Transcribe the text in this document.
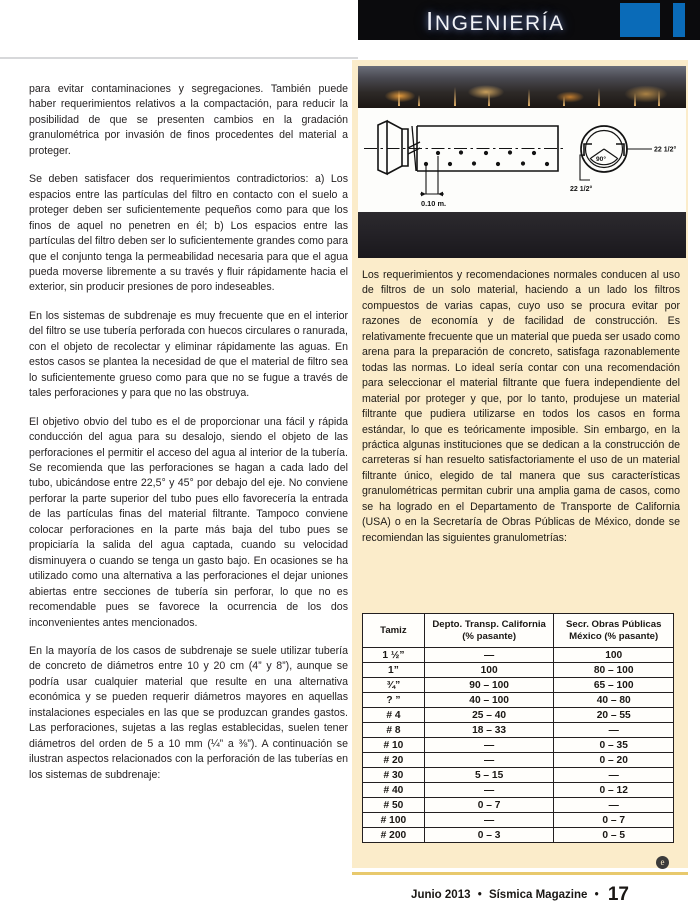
INGENIERÍA
0.10 m.
90°
22 1/2°
22 1/2°

para evitar contaminaciones y segregaciones. También puede haber requerimientos relativos a la compactación, para reducir la posibilidad de que se presenten cambios en la gradación granulométrica por invasión de finos procedentes del material a proteger.

Se deben satisfacer dos requerimientos contradictorios: a) Los espacios entre las partículas del filtro en contacto con el suelo a proteger deben ser suficientemente pequeños como para que los finos de aquel no penetren en él; b) Los espacios entre las partículas del filtro deben ser lo suficientemente grandes como para que el conjunto tenga la permeabilidad necesaria para que el agua pueda moverse libremente a su través y fluir rápidamente hacia el exterior, sin producir presiones de poro indeseables.

En los sistemas de subdrenaje es muy frecuente que en el interior del filtro se use tubería perforada con huecos circulares o ranurada, con el objeto de recolectar y eliminar rápidamente las aguas. En estos casos se plantea la necesidad de que el material de filtro sea lo suficientemente grueso como para que no se fugue a través de tales perforaciones y para que no las obstruya.

El objetivo obvio del tubo es el de proporcionar una fácil y rápida conducción del agua para su desalojo, siendo el objeto de las perforaciones el permitir el acceso del agua al interior de la tubería. Se recomienda que las perforaciones se hagan a cada lado del tubo, ubicándose entre 22,5° y 45° por debajo del eje. No conviene perforar la parte superior del tubo pues ello favorecería la entrada de las partículas finas del material filtrante. Tampoco conviene colocar perforaciones en la parte más baja del tubo pues se propiciaría la salida del agua captada, cuando su velocidad disminuyera o cuando se tenga un gasto bajo. En ocasiones se ha utilizado como una alternativa a las perforaciones el dejar uniones abiertas entre secciones de tubería sin perforar, lo que no es recomendable pues se favorece la ocurrencia de los dos inconvenientes antes mencionados.

En la mayoría de los casos de subdrenaje se suele utilizar tubería de concreto de diámetros entre 10 y 20 cm (4” y 8”), aunque se podría usar cualquier material que resulte en una alternativa económica y se pueden requerir diámetros mayores en aquellas instalaciones especiales en las que se produzcan grandes gastos. Las perforaciones, sujetas a las reglas establecidas, suelen tener diámetros del orden de 5 a 10 mm (¼” a ⅜”). A continuación se ilustran aspectos relacionados con la perforación de las tuberías en los sistemas de subdrenaje:

Los requerimientos y recomendaciones normales conducen al uso de filtros de un solo material, haciendo a un lado los filtros compuestos de varias capas, cuyo uso se procura evitar por razones de economía y de facilidad de construcción. Es relativamente frecuente que un material que pueda ser usado como arena para la preparación de concreto, satisfaga razonablemente todas las normas. Lo ideal sería contar con una recomendación para seleccionar el material filtrante que fuera independiente del material por proteger y que, por lo tanto, produjese un material filtrante que pudiera utilizarse en todos los casos en forma estándar, lo que es teóricamente imposible. Sin embargo, en la práctica algunas instituciones que se dedican a la construcción de carreteras sí han resuelto satisfactoriamente el uso de un material filtrante único, elegido de tal manera que sus características granulométricas permitan cubrir una amplia gama de casos, como se ha logrado en el Departamento de Transporte de California (USA) o en la Secretaría de Obras Públicas de México, donde se recomiendan las siguientes granulometrías:

Tamiz	Depto. Transp. California (% pasante)	Secr. Obras Públicas México (% pasante)
1 ½”	—	100
1”	100	80 – 100
¾”	90 – 100	65 – 100
? ”	40 – 100	40 – 80
# 4	25 – 40	20 – 55
# 8	18 – 33	—
# 10	—	0 – 35
# 20	—	0 – 20
# 30	5 – 15	—
# 40	—	0 – 12
# 50	0 – 7	—
# 100	—	0 – 7
# 200	0 – 3	0 – 5
e
Junio 2013 • Sísmica Magazine • 17
